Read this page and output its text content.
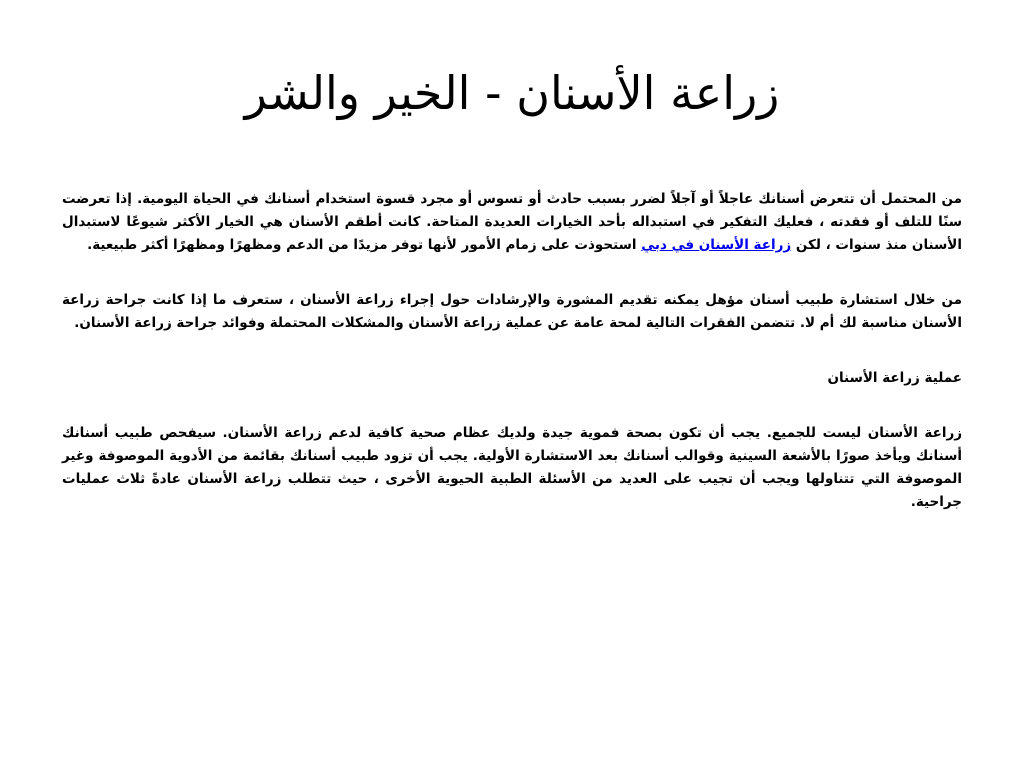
زراعة الأسنان - الخير والشر

من المحتمل أن تتعرض أسنانك عاجلاً أو آجلاً لضرر بسبب حادث أو تسوس أو مجرد قسوة استخدام أسنانك في الحياة اليومية. إذا تعرضت سنًا للتلف أو فقدته ، فعليك التفكير في استبداله بأحد الخيارات العديدة المتاحة. كانت أطقم الأسنان هي الخيار الأكثر شيوعًا لاستبدال الأسنان منذ سنوات ، لكن زراعة الأسنان في دبي استحوذت على زمام الأمور لأنها توفر مزيدًا من الدعم ومظهرًا ومظهرًا أكثر طبيعية.

من خلال استشارة طبيب أسنان مؤهل يمكنه تقديم المشورة والإرشادات حول إجراء زراعة الأسنان ، ستعرف ما إذا كانت جراحة زراعة الأسنان مناسبة لك أم لا. تتضمن الفقرات التالية لمحة عامة عن عملية زراعة الأسنان والمشكلات المحتملة وفوائد جراحة زراعة الأسنان.

عملية زراعة الأسنان

زراعة الأسنان ليست للجميع. يجب أن تكون بصحة فموية جيدة ولديك عظام صحية كافية لدعم زراعة الأسنان. سيفحص طبيب أسنانك أسنانك ويأخذ صورًا بالأشعة السينية وقوالب أسنانك بعد الاستشارة الأولية. يجب أن تزود طبيب أسنانك بقائمة من الأدوية الموصوفة وغير الموصوفة التي تتناولها ويجب أن تجيب على العديد من الأسئلة الطبية الحيوية الأخرى ، حيث تتطلب زراعة الأسنان عادةً ثلاث عمليات جراحية.
